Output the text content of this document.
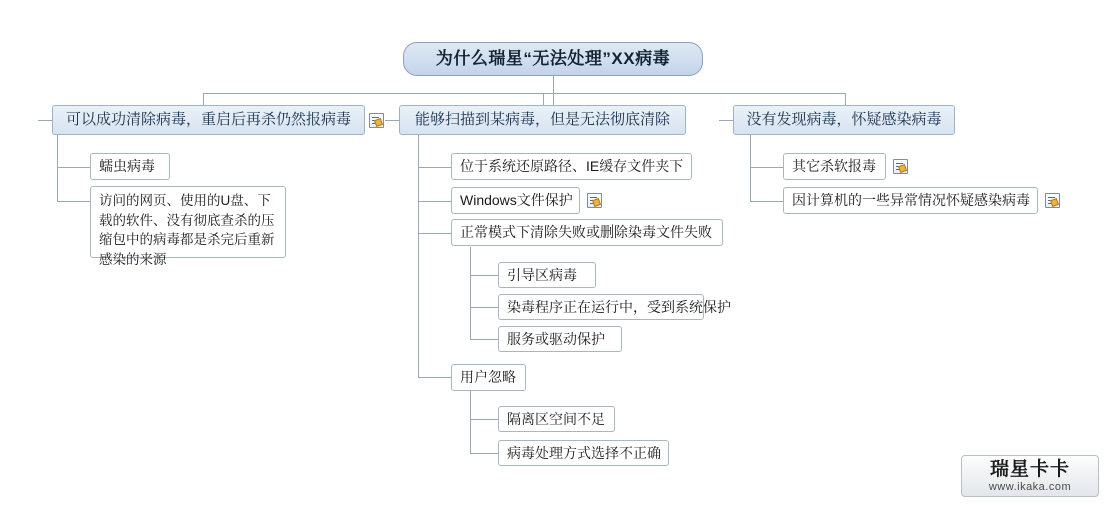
为什么瑞星“无法处理”XX病毒
可以成功清除病毒，重启后再杀仍然报病毒
蠕虫病毒
访问的网页、使用的U盘、下载的软件、没有彻底查杀的压缩包中的病毒都是杀完后重新感染的来源
能够扫描到某病毒，但是无法彻底清除
位于系统还原路径、IE缓存文件夹下
Windows文件保护
正常模式下清除失败或删除染毒文件失败
引导区病毒
染毒程序正在运行中，受到系统保护
服务或驱动保护
用户忽略
隔离区空间不足
病毒处理方式选择不正确
没有发现病毒，怀疑感染病毒
其它杀软报毒
因计算机的一些异常情况怀疑感染病毒
瑞星卡卡
www.ikaka.com
